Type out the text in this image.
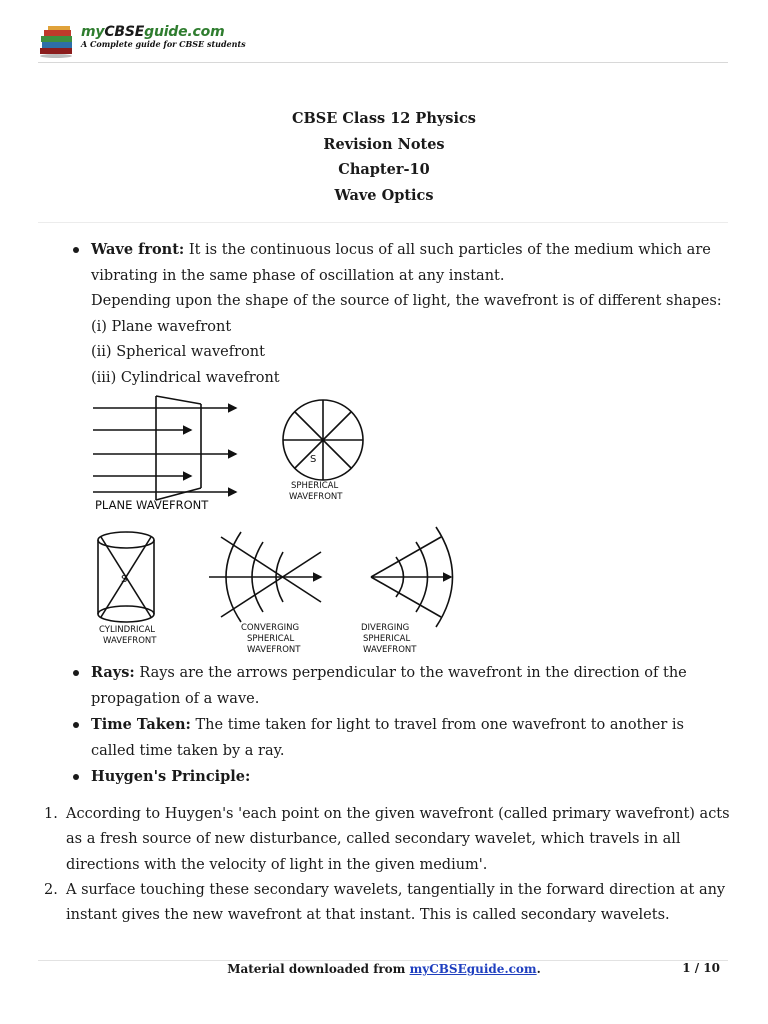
myCBSEguide.com
A Complete guide for CBSE students
CBSE Class 12 Physics
Revision Notes
Chapter-10
Wave Optics
Wave front: It is the continuous locus of all such particles of the medium which are vibrating in the same phase of oscillation at any instant.
Depending upon the shape of the source of light, the wavefront is of different shapes:
(i) Plane wavefront
(ii) Spherical wavefront
(iii) Cylindrical wavefront
PLANE WAVEFRONT
S
SPHERICAL
WAVEFRONT
S
CYLINDRICAL
WAVEFRONT
CONVERGING
SPHERICAL
WAVEFRONT
DIVERGING
SPHERICAL
WAVEFRONT
Rays: Rays are the arrows perpendicular to the wavefront in the direction of the propagation of a wave.
Time Taken: The time taken for light to travel from one wavefront to another is called time taken by a ray.
Huygen's Principle:
1. According to Huygen's 'each point on the given wavefront (called primary wavefront) acts as a fresh source of new disturbance, called secondary wavelet, which travels in all directions with the velocity of light in the given medium'.
2. A surface touching these secondary wavelets, tangentially in the forward direction at any instant gives the new wavefront at that instant. This is called secondary wavelets.
Material downloaded from myCBSEguide.com.	1 / 10
